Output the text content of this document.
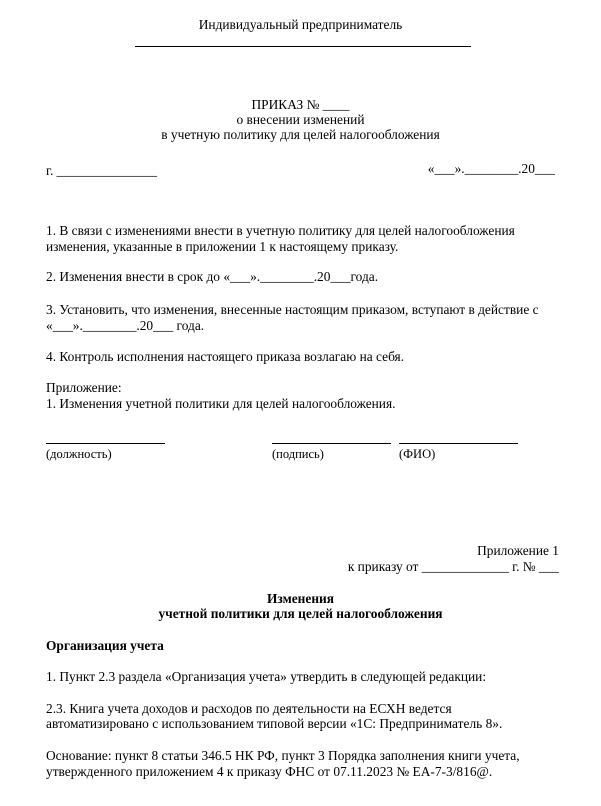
Индивидуальный предприниматель
ПРИКАЗ № ____
о внесении изменений
в учетную политику для целей налогообложения
г. _______________	«___».________.20___
1. В связи с изменениями внести в учетную политику для целей налогообложения
изменения, указанные в приложении 1 к настоящему приказу.
2. Изменения внести в срок до «___».________.20___года.
3. Установить, что изменения, внесенные настоящим приказом, вступают в действие с
«___».________.20___ года.
4. Контроль исполнения настоящего приказа возлагаю на себя.
Приложение:
1. Изменения учетной политики для целей налогообложения.
(должность)	(подпись)	(ФИО)
Приложение 1
к приказу от _____________ г. № ___
Изменения
учетной политики для целей налогообложения
Организация учета
1. Пункт 2.3 раздела «Организация учета» утвердить в следующей редакции:
2.3. Книга учета доходов и расходов по деятельности на ЕСХН ведется
автоматизировано с использованием типовой версии «1С: Предприниматель 8».
Основание: пункт 8 статьи 346.5 НК РФ, пункт 3 Порядка заполнения книги учета,
утвержденного приложением 4 к приказу ФНС от 07.11.2023 № ЕА-7-3/816@.
